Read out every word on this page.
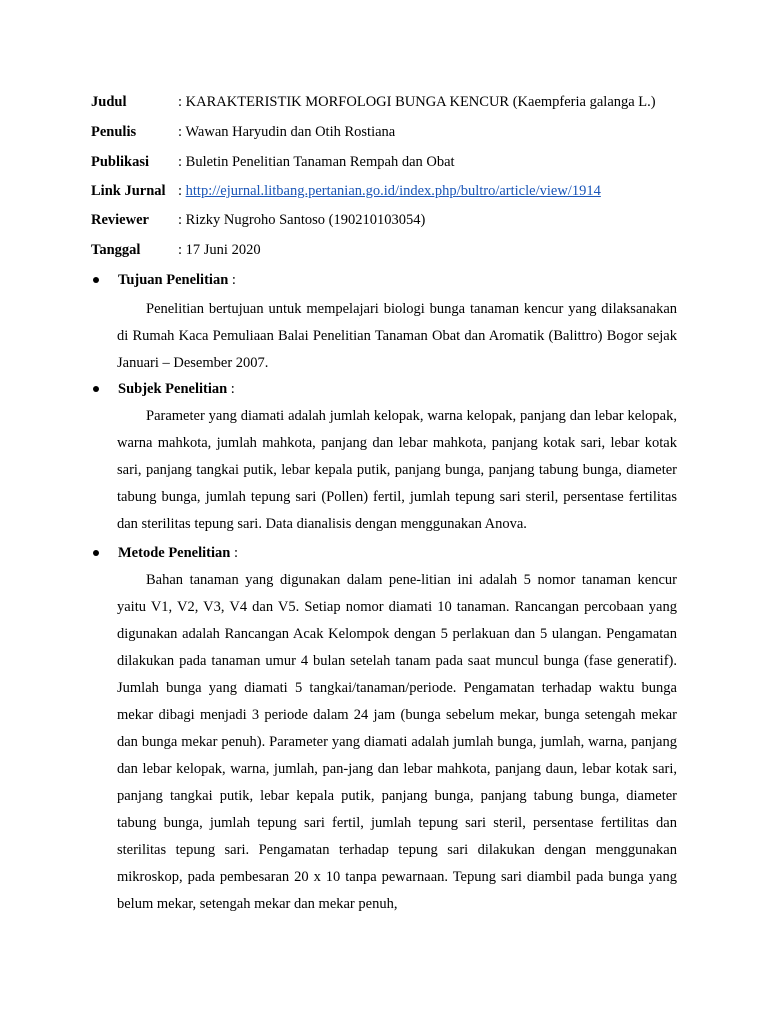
Judul	: KARAKTERISTIK MORFOLOGI BUNGA KENCUR (Kaempferia galanga L.)
Penulis	: Wawan Haryudin dan Otih Rostiana
Publikasi : Buletin Penelitian Tanaman Rempah dan Obat
Link Jurnal : http://ejurnal.litbang.pertanian.go.id/index.php/bultro/article/view/1914
Reviewer : Rizky Nugroho Santoso (190210103054)
Tanggal	: 17 Juni 2020
Tujuan Penelitian :

Penelitian bertujuan untuk mempelajari biologi bunga tanaman kencur yang dilaksanakan di Rumah Kaca Pemuliaan Balai Penelitian Tanaman Obat dan Aromatik (Balittro) Bogor sejak Januari – Desember 2007.

Subjek Penelitian :

Parameter yang diamati adalah jumlah kelopak, warna kelopak, panjang dan lebar kelopak, warna mahkota, jumlah mahkota, panjang dan lebar mahkota, panjang kotak sari, lebar kotak sari, panjang tangkai putik, lebar kepala putik, panjang bunga, panjang tabung bunga, diameter tabung bunga, jumlah tepung sari (Pollen) fertil, jumlah tepung sari steril, persentase fertilitas dan sterilitas tepung sari. Data dianalisis dengan menggunakan Anova.

Metode Penelitian :

Bahan tanaman yang digunakan dalam pene-litian ini adalah 5 nomor tanaman kencur yaitu V1, V2, V3, V4 dan V5. Setiap nomor diamati 10 tanaman. Rancangan percobaan yang digunakan adalah Rancangan Acak Kelompok dengan 5 perlakuan dan 5 ulangan. Pengamatan dilakukan pada tanaman umur 4 bulan setelah tanam pada saat muncul bunga (fase generatif). Jumlah bunga yang diamati 5 tangkai/tanaman/periode. Pengamatan terhadap waktu bunga mekar dibagi menjadi 3 periode dalam 24 jam (bunga sebelum mekar, bunga setengah mekar dan bunga mekar penuh). Parameter yang diamati adalah jumlah bunga, jumlah, warna, panjang dan lebar kelopak, warna, jumlah, pan-jang dan lebar mahkota, panjang daun, lebar kotak sari, panjang tangkai putik, lebar kepala putik, panjang bunga, panjang tabung bunga, diameter tabung bunga, jumlah tepung sari fertil, jumlah tepung sari steril, persentase fertilitas dan sterilitas tepung sari. Pengamatan terhadap tepung sari dilakukan dengan menggunakan mikroskop, pada pembesaran 20 x 10 tanpa pewarnaan. Tepung sari diambil pada bunga yang belum mekar, setengah mekar dan mekar penuh,
